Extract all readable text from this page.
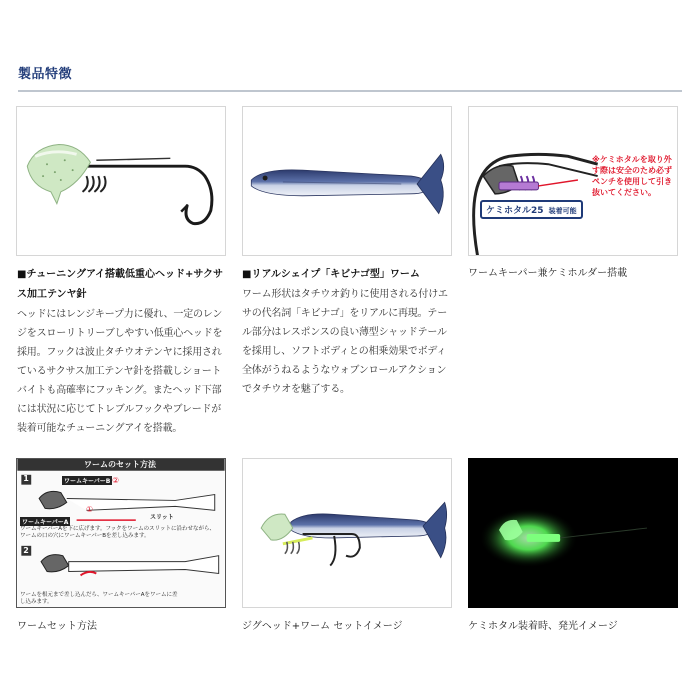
製品特徴
※ケミホタルを取り外す際は安全のため必ずペンチを使用して引き抜いてください。
ケミホタル25 装着可能
■チューニングアイ搭載低重心ヘッド+サクサス加工テンヤ針
ヘッドにはレンジキープ力に優れ、一定のレンジをスローリトリーブしやすい低重心ヘッドを採用。フックは波止タチウオテンヤに採用されているサクサス加工テンヤ針を搭載しショートバイトも高確率にフッキング。またヘッド下部には状況に応じてトレブルフックやブレードが装着可能なチューニングアイを搭載。
■リアルシェイプ「キビナゴ型」ワーム
ワーム形状はタチウオ釣りに使用される付けエサの代名詞「キビナゴ」をリアルに再現。テール部分はレスポンスの良い薄型シャッドテールを採用し、ソフトボディとの相乗効果でボディ全体がうねるようなウォブンロールアクションでタチウオを魅了する。
ワームキーパー兼ケミホルダー搭載
ワームのセット方法
1
2
ワームキーパーB ②
スリット
ワームキーパーA
①
ワームキーパーAを下に広げます。フックをワームのスリットに沿わせながら、ワームの口の穴にワームキーパーBを差し込みます。
ワームを根元まで差し込んだら、ワームキーパーAをワームに差し込みます。
ワームセット方法	ジグヘッド+ワーム セットイメージ	ケミホタル装着時、発光イメージ
